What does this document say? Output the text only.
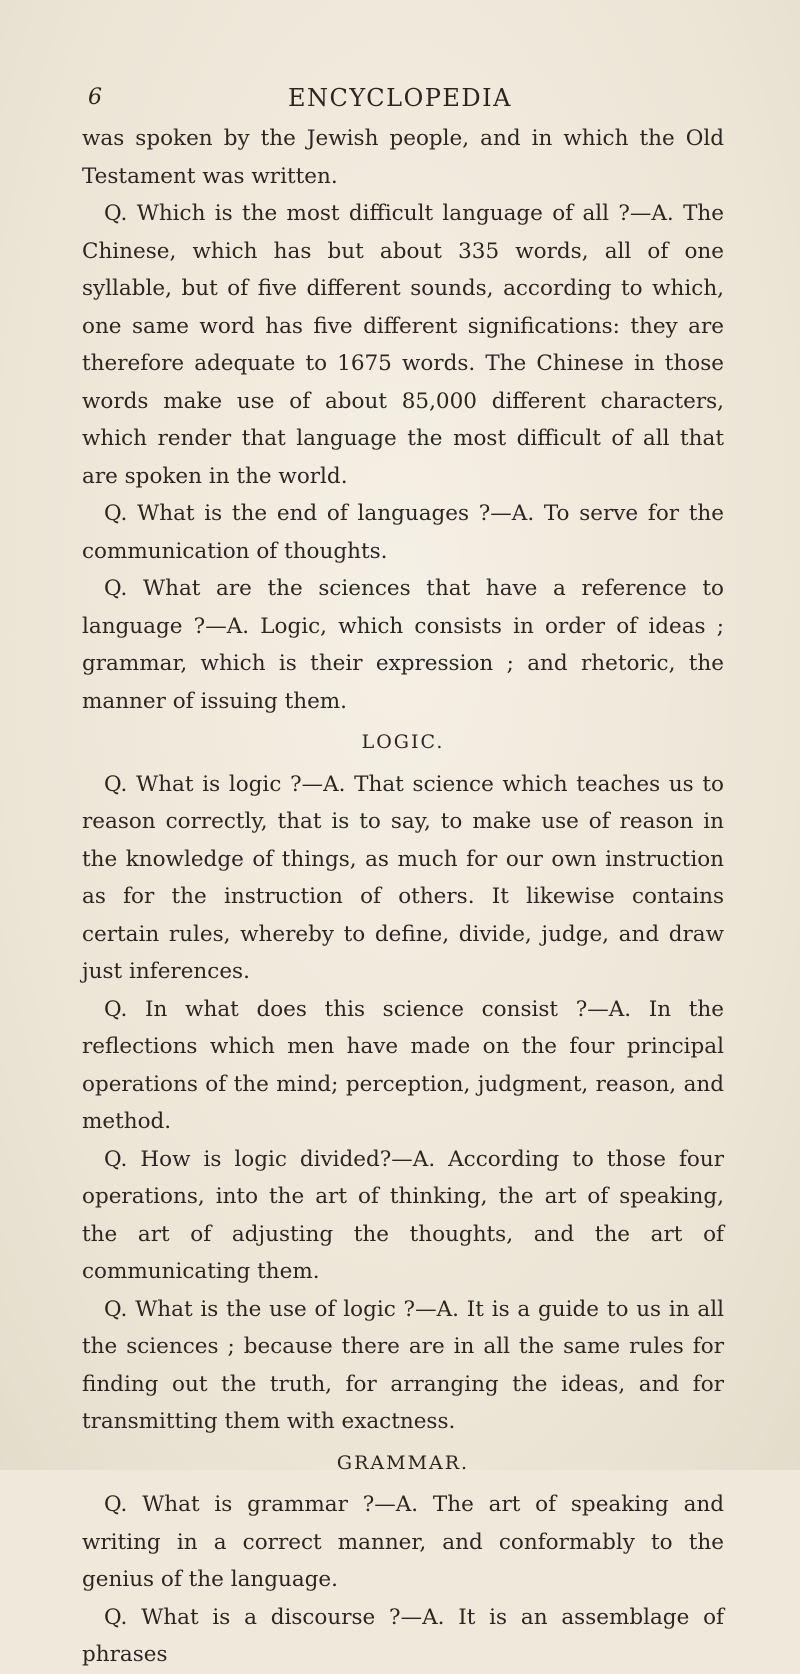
6	ENCYCLOPEDIA

was spoken by the Jewish people, and in which the Old Testament was written.

Q. Which is the most difficult language of all ?—A. The Chinese, which has but about 335 words, all of one syllable, but of five different sounds, according to which, one same word has five different significations: they are therefore adequate to 1675 words. The Chinese in those words make use of about 85,000 different characters, which render that language the most difficult of all that are spoken in the world.

Q. What is the end of languages ?—A. To serve for the communication of thoughts.

Q. What are the sciences that have a reference to language ?—A. Logic, which consists in order of ideas ; grammar, which is their expression ; and rhetoric, the manner of issuing them.

LOGIC.

Q. What is logic ?—A. That science which teaches us to reason correctly, that is to say, to make use of reason in the knowledge of things, as much for our own instruction as for the instruction of others. It likewise contains certain rules, whereby to define, divide, judge, and draw just inferences.

Q. In what does this science consist ?—A. In the reflections which men have made on the four principal operations of the mind; perception, judgment, reason, and method.

Q. How is logic divided?—A. According to those four operations, into the art of thinking, the art of speaking, the art of adjusting the thoughts, and the art of communicating them.

Q. What is the use of logic ?—A. It is a guide to us in all the sciences ; because there are in all the same rules for finding out the truth, for arranging the ideas, and for transmitting them with exactness.

GRAMMAR.

Q. What is grammar ?—A. The art of speaking and writing in a correct manner, and conformably to the genius of the language.

Q. What is a discourse ?—A. It is an assemblage of phrases
